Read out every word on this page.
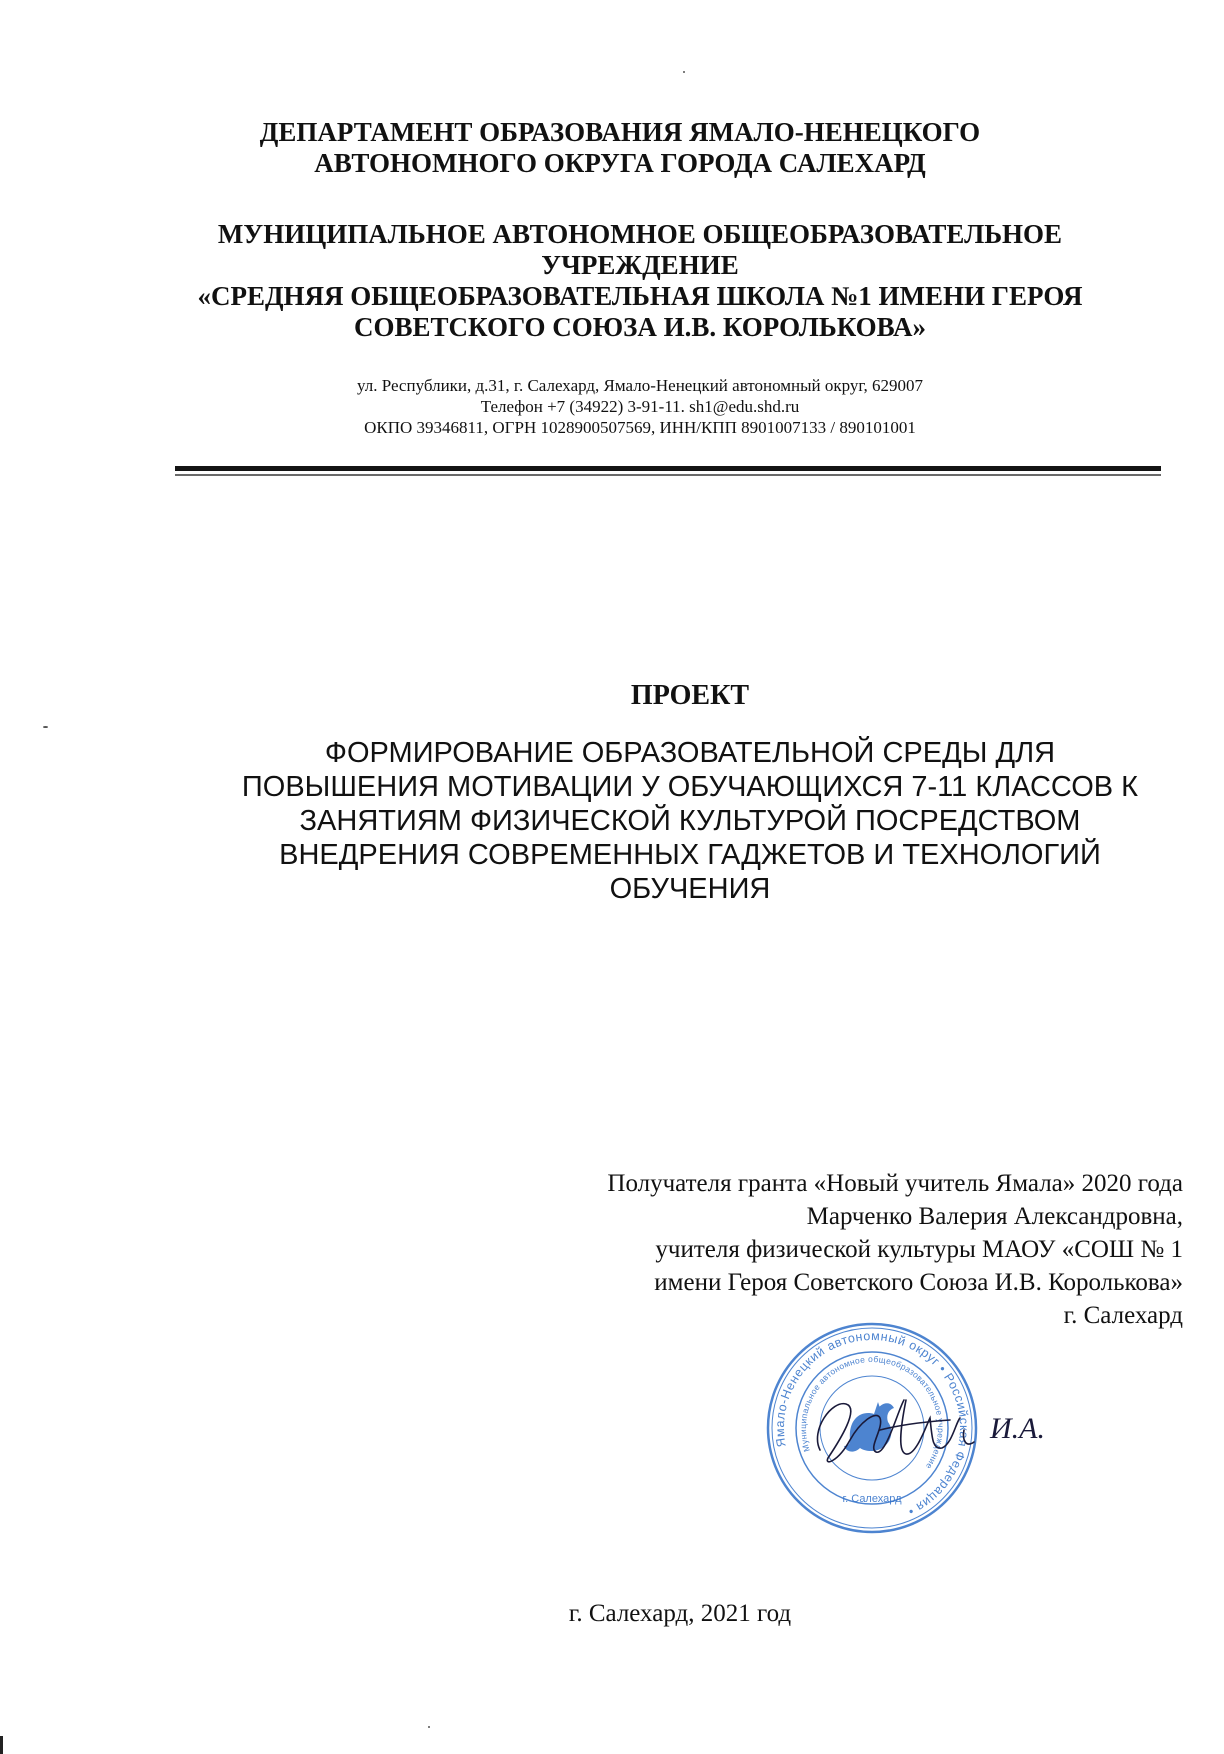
ДЕПАРТАМЕНТ ОБРАЗОВАНИЯ ЯМАЛО-НЕНЕЦКОГО
АВТОНОМНОГО ОКРУГА ГОРОДА САЛЕХАРД
МУНИЦИПАЛЬНОЕ АВТОНОМНОЕ ОБЩЕОБРАЗОВАТЕЛЬНОЕ
УЧРЕЖДЕНИЕ
«СРЕДНЯЯ ОБЩЕОБРАЗОВАТЕЛЬНАЯ ШКОЛА №1 ИМЕНИ ГЕРОЯ
СОВЕТСКОГО СОЮЗА И.В. КОРОЛЬКОВА»
ул. Республики, д.31, г. Салехард, Ямало-Ненецкий автономный округ, 629007
Телефон +7 (34922) 3-91-11. sh1@edu.shd.ru
ОКПО 39346811, ОГРН 1028900507569, ИНН/КПП 8901007133 / 890101001
ПРОЕКТ
ФОРМИРОВАНИЕ ОБРАЗОВАТЕЛЬНОЙ СРЕДЫ ДЛЯ
ПОВЫШЕНИЯ МОТИВАЦИИ У ОБУЧАЮЩИХСЯ 7-11 КЛАССОВ К
ЗАНЯТИЯМ ФИЗИЧЕСКОЙ КУЛЬТУРОЙ ПОСРЕДСТВОМ
ВНЕДРЕНИЯ СОВРЕМЕННЫХ ГАДЖЕТОВ И ТЕХНОЛОГИЙ
ОБУЧЕНИЯ
Получателя гранта «Новый учитель Ямала» 2020 года
Марченко Валерия Александровна,
учителя физической культуры МАОУ «СОШ № 1
имени Героя Советского Союза И.В. Королькова»
г. Салехард
Ямало-Ненецкий автономный округ • Российская Федерация •
Муниципальное автономное общеобразовательное учреждение
г. Салехард
И.А.
г. Салехард, 2021 год
